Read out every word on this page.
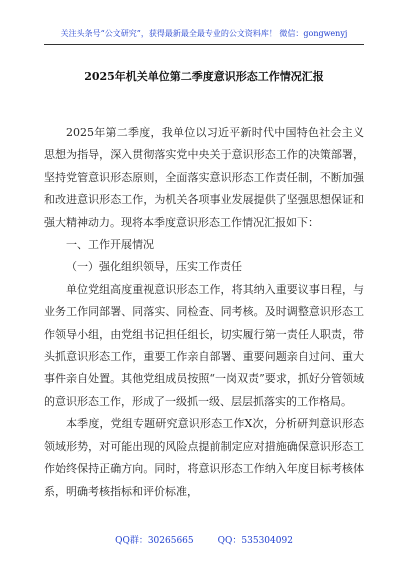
关注头条号“公文研究”，获得最新最全最专业的公文资料库！ 微信：gongwenyj
2025年机关单位第二季度意识形态工作情况汇报

2025年第二季度，我单位以习近平新时代中国特色社会主义思想为指导，深入贯彻落实党中央关于意识形态工作的决策部署，坚持党管意识形态原则，全面落实意识形态工作责任制，不断加强和改进意识形态工作，为机关各项事业发展提供了坚强思想保证和强大精神动力。现将本季度意识形态工作情况汇报如下：

一、工作开展情况

（一）强化组织领导，压实工作责任

单位党组高度重视意识形态工作，将其纳入重要议事日程，与业务工作同部署、同落实、同检查、同考核。及时调整意识形态工作领导小组，由党组书记担任组长，切实履行第一责任人职责，带头抓意识形态工作，重要工作亲自部署、重要问题亲自过问、重大事件亲自处置。其他党组成员按照“一岗双责”要求，抓好分管领域的意识形态工作，形成了一级抓一级、层层抓落实的工作格局。

本季度，党组专题研究意识形态工作X次，分析研判意识形态领域形势，对可能出现的风险点提前制定应对措施确保意识形态工作始终保持正确方向。同时，将意识形态工作纳入年度目标考核体系，明确考核指标和评价标准，

QQ群：30265665	QQ：535304092
